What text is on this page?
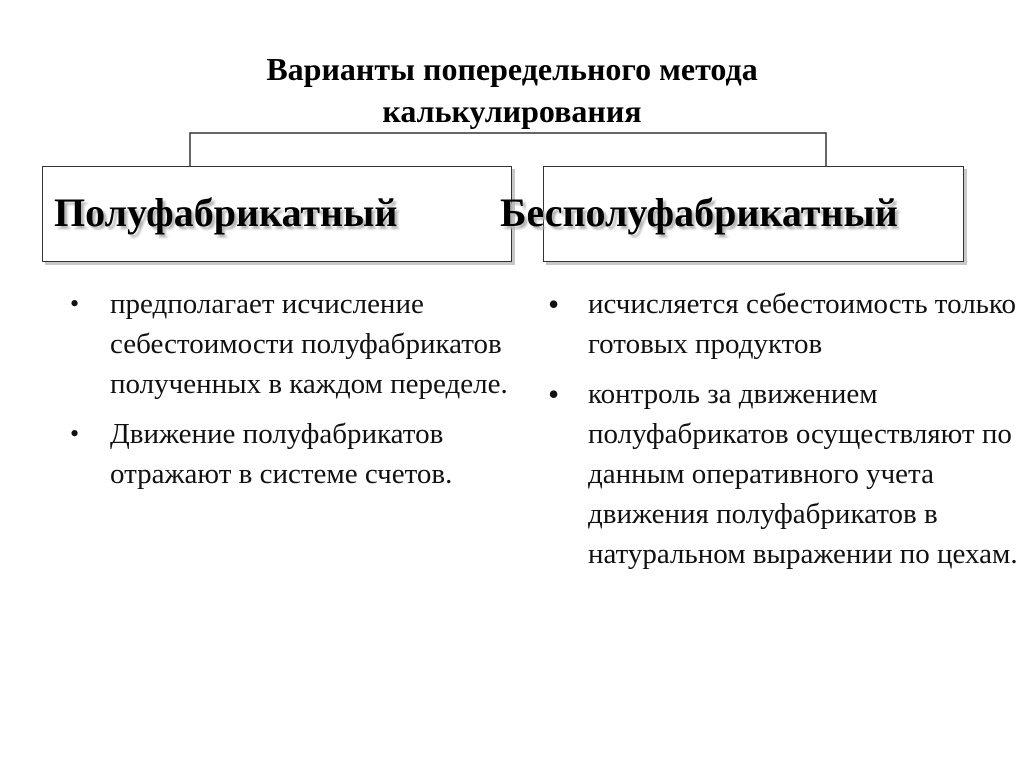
Варианты попередельного метода
калькулирования
Полуфабрикатный	Бесполуфабрикатный
• предполагает исчисление себестоимости полуфабрикатов полученных в каждом переделе.
• Движение полуфабрикатов отражают в системе счетов.
• исчисляется себестоимость только готовых продуктов
• контроль за движением полуфабрикатов осуществляют по данным оперативного учета движения полуфабрикатов в натуральном выражении по цехам.
